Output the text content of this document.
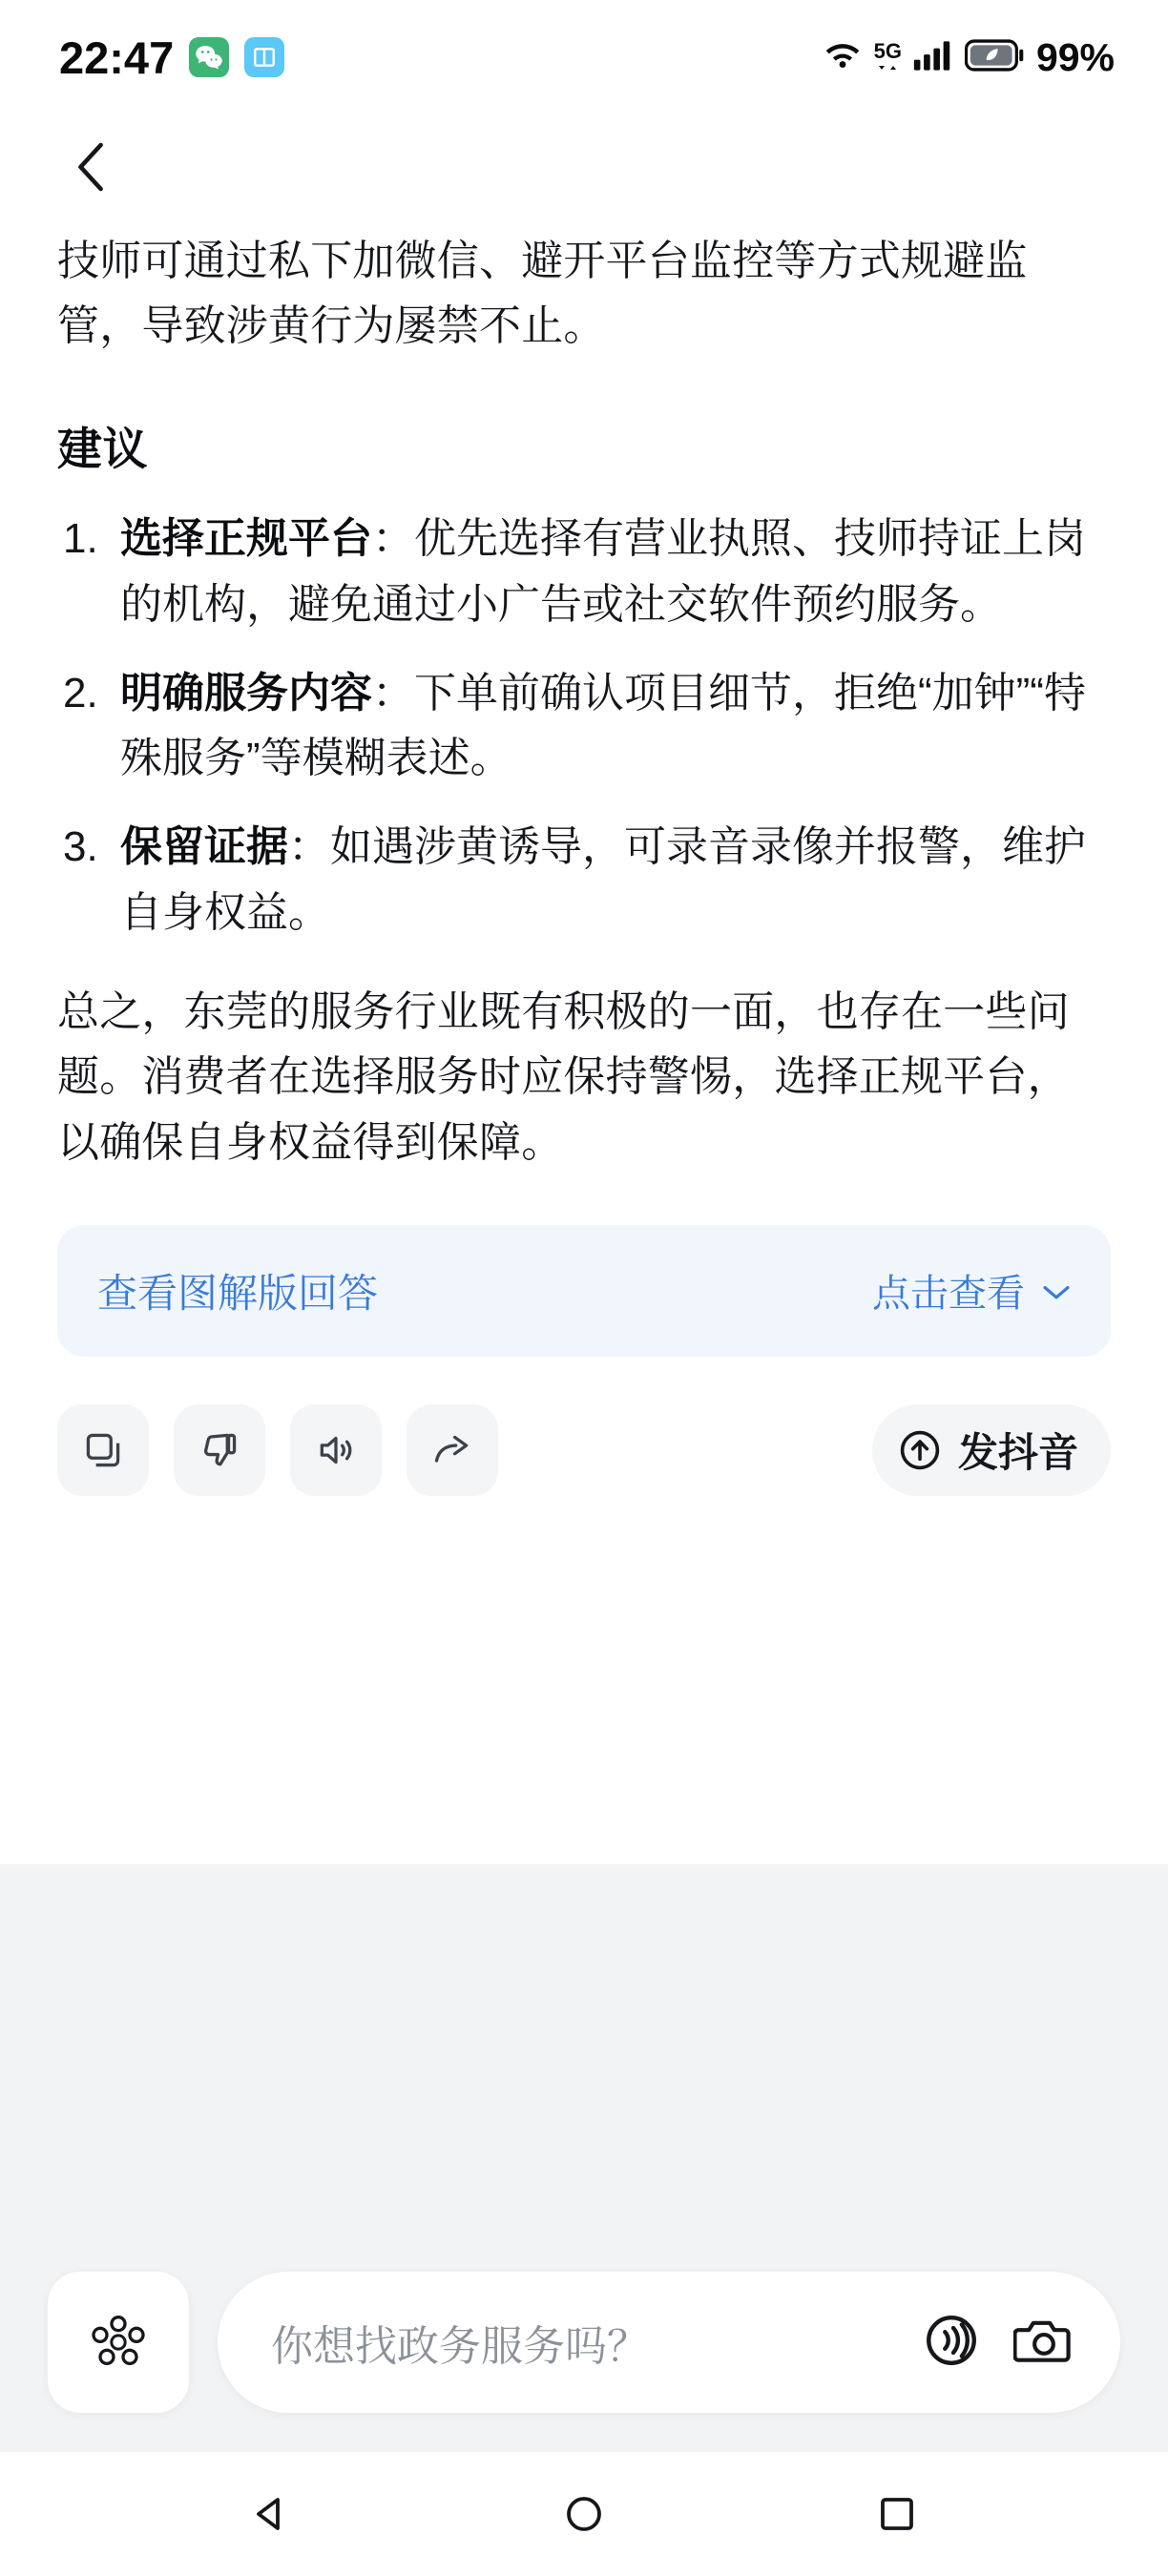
22:47	5G	99%

技师可通过私下加微信、避开平台监控等方式规避监管，导致涉黄行为屡禁不止。

建议
选择正规平台：优先选择有营业执照、技师持证上岗的机构，避免通过小广告或社交软件预约服务。
明确服务内容：下单前确认项目细节，拒绝“加钟”“特殊服务”等模糊表述。
保留证据：如遇涉黄诱导，可录音录像并报警，维护自身权益。

总之，东莞的服务行业既有积极的一面，也存在一些问题。消费者在选择服务时应保持警惕，选择正规平台，以确保自身权益得到保障。

查看图解版回答	点击查看
发抖音
你想找政务服务吗？
